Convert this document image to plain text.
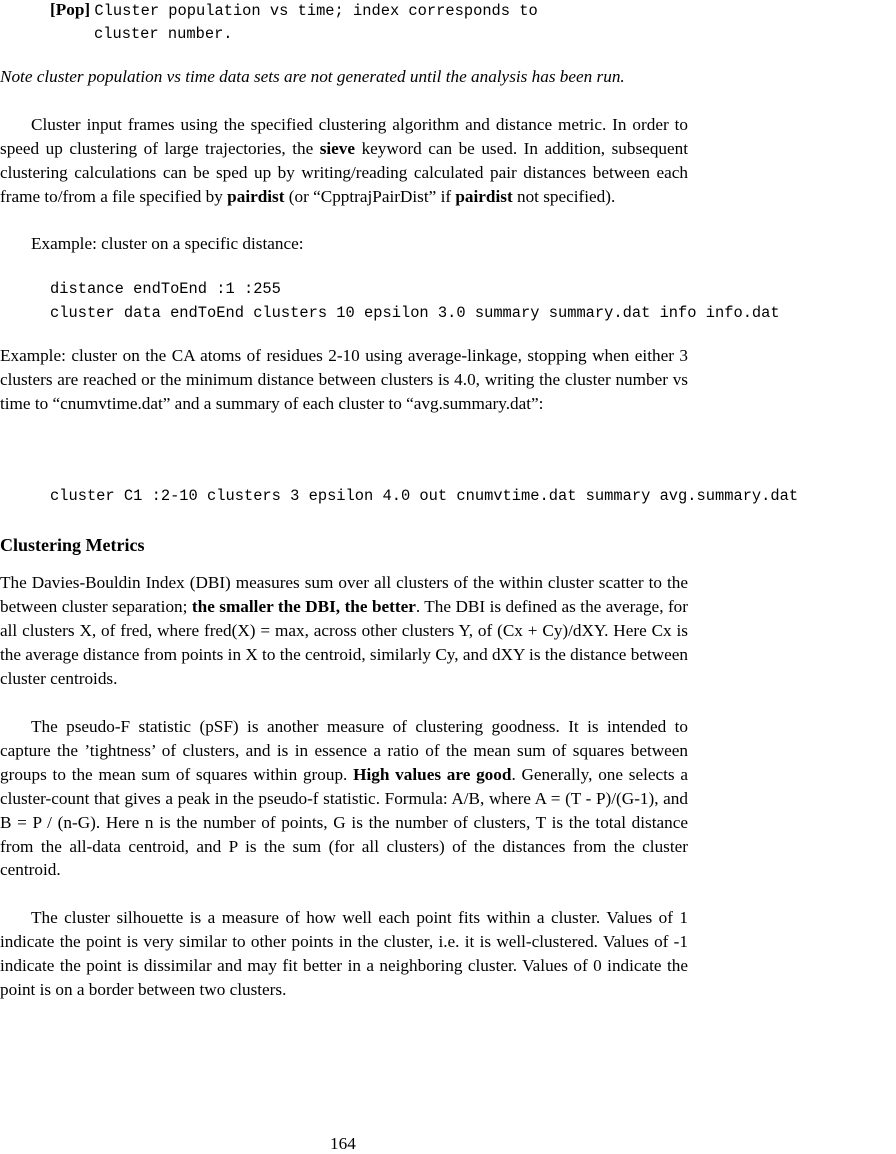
[Pop] Cluster population vs time; index corresponds to
cluster number.

Note cluster population vs time data sets are not generated until the analysis has been run.

Cluster input frames using the specified clustering algorithm and distance metric. In order to speed up clustering of large trajectories, the sieve keyword can be used. In addition, subsequent clustering calculations can be sped up by writing/reading calculated pair distances between each frame to/from a file specified by pairdist (or “CpptrajPairDist” if pairdist not specified).

Example: cluster on a specific distance:

distance endToEnd :1 :255
cluster data endToEnd clusters 10 epsilon 3.0 summary summary.dat info info.dat

Example: cluster on the CA atoms of residues 2-10 using average-linkage, stopping when either 3 clusters are reached or the minimum distance between clusters is 4.0, writing the cluster number vs time to “cnumvtime.dat” and a summary of each cluster to “avg.summary.dat”:

cluster C1 :2-10 clusters 3 epsilon 4.0 out cnumvtime.dat summary avg.summary.dat
Clustering Metrics

The Davies-Bouldin Index (DBI) measures sum over all clusters of the within cluster scatter to the between cluster separation; the smaller the DBI, the better. The DBI is defined as the average, for all clusters X, of fred, where fred(X) = max, across other clusters Y, of (Cx + Cy)/dXY. Here Cx is the average distance from points in X to the centroid, similarly Cy, and dXY is the distance between cluster centroids.

The pseudo-F statistic (pSF) is another measure of clustering goodness. It is intended to capture the ’tightness’ of clusters, and is in essence a ratio of the mean sum of squares between groups to the mean sum of squares within group. High values are good. Generally, one selects a cluster-count that gives a peak in the pseudo-f statistic. Formula: A/B, where A = (T - P)/(G-1), and B = P / (n-G). Here n is the number of points, G is the number of clusters, T is the total distance from the all-data centroid, and P is the sum (for all clusters) of the distances from the cluster centroid.

The cluster silhouette is a measure of how well each point fits within a cluster. Values of 1 indicate the point is very similar to other points in the cluster, i.e. it is well-clustered. Values of -1 indicate the point is dissimilar and may fit better in a neighboring cluster. Values of 0 indicate the point is on a border between two clusters.

164
